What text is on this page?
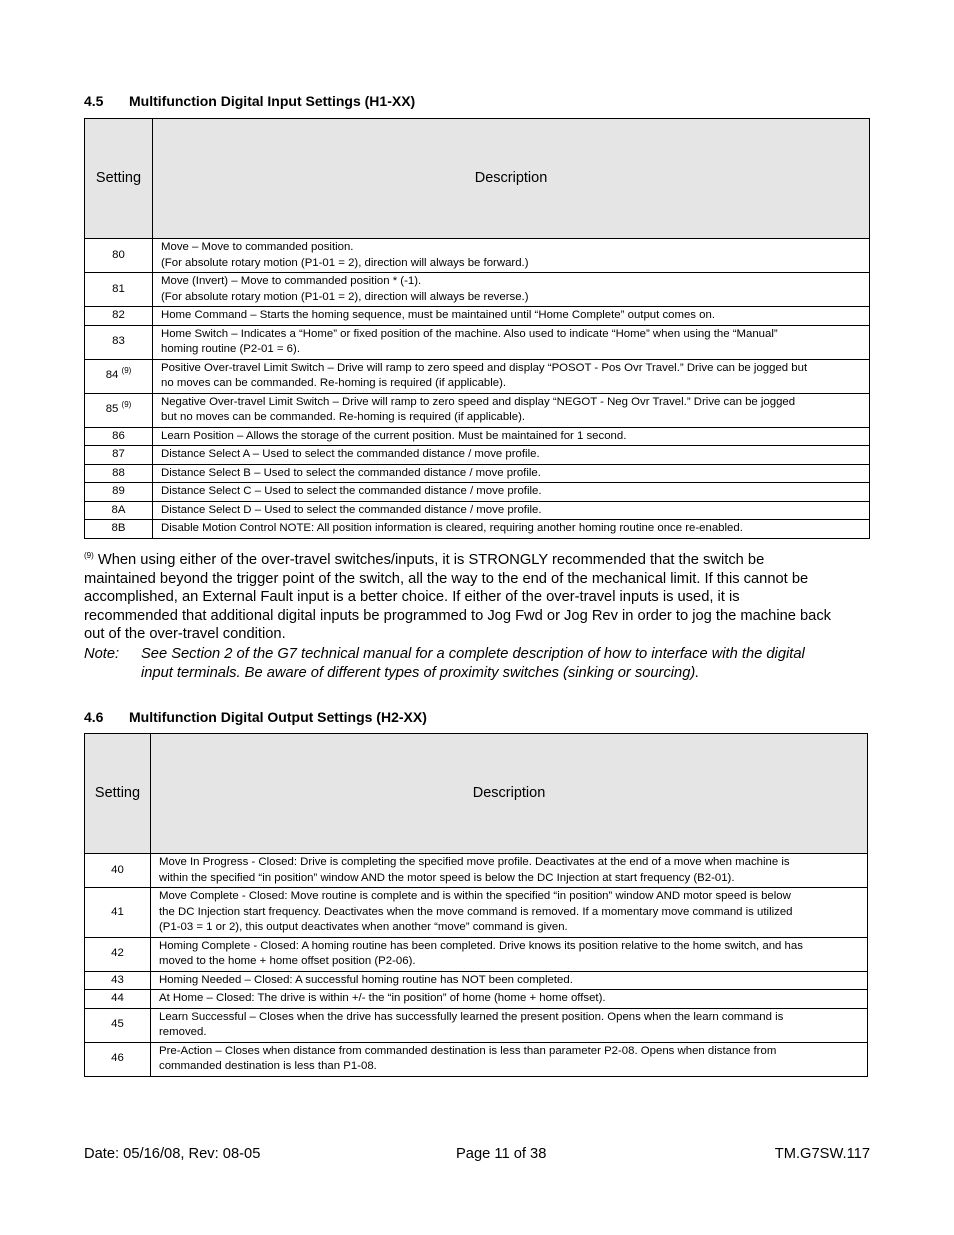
4.5 Multifunction Digital Input Settings (H1-XX)
Setting	Description
80	Move – Move to commanded position.
(For absolute rotary motion (P1-01 = 2), direction will always be forward.)
81	Move (Invert) – Move to commanded position * (-1).
(For absolute rotary motion (P1-01 = 2), direction will always be reverse.)
82	Home Command – Starts the homing sequence, must be maintained until “Home Complete” output comes on.
83	Home Switch – Indicates a “Home” or fixed position of the machine. Also used to indicate “Home” when using the “Manual”
homing routine (P2-01 = 6).
84 $^{(9)}$	Positive Over-travel Limit Switch – Drive will ramp to zero speed and display “POSOT - Pos Ovr Travel.” Drive can be jogged but
no moves can be commanded. Re-homing is required (if applicable).
85 $^{(9)}$	Negative Over-travel Limit Switch – Drive will ramp to zero speed and display “NEGOT - Neg Ovr Travel.” Drive can be jogged
but no moves can be commanded. Re-homing is required (if applicable).
86	Learn Position – Allows the storage of the current position. Must be maintained for 1 second.
87	Distance Select A – Used to select the commanded distance / move profile.
88	Distance Select B – Used to select the commanded distance / move profile.
89	Distance Select C – Used to select the commanded distance / move profile.
8A	Distance Select D – Used to select the commanded distance / move profile.
8B	Disable Motion Control NOTE: All position information is cleared, requiring another homing routine once re-enabled.
$^{(9)}$ When using either of the over-travel switches/inputs, it is STRONGLY recommended that the switch be
maintained beyond the trigger point of the switch, all the way to the end of the mechanical limit. If this cannot be
accomplished, an External Fault input is a better choice. If either of the over-travel inputs is used, it is
recommended that additional digital inputs be programmed to Jog Fwd or Jog Rev in order to jog the machine back
out of the over-travel condition.
Note: See Section 2 of the G7 technical manual for a complete description of how to interface with the digital
input terminals. Be aware of different types of proximity switches (sinking or sourcing).
4.6 Multifunction Digital Output Settings (H2-XX)
Setting	Description
40	Move In Progress - Closed: Drive is completing the specified move profile. Deactivates at the end of a move when machine is
within the specified “in position” window AND the motor speed is below the DC Injection at start frequency (B2-01).
41	Move Complete - Closed: Move routine is complete and is within the specified “in position” window AND motor speed is below
the DC Injection start frequency. Deactivates when the move command is removed. If a momentary move command is utilized
(P1-03 = 1 or 2), this output deactivates when another “move” command is given.
42	Homing Complete - Closed: A homing routine has been completed. Drive knows its position relative to the home switch, and has
moved to the home + home offset position (P2-06).
43	Homing Needed – Closed: A successful homing routine has NOT been completed.
44	At Home – Closed: The drive is within +/- the “in position” of home (home + home offset).
45	Learn Successful – Closes when the drive has successfully learned the present position. Opens when the learn command is
removed.
46	Pre-Action – Closes when distance from commanded destination is less than parameter P2-08. Opens when distance from
commanded destination is less than P1-08.
Date: 05/16/08, Rev: 08-05	Page 11 of 38	TM.G7SW.117
